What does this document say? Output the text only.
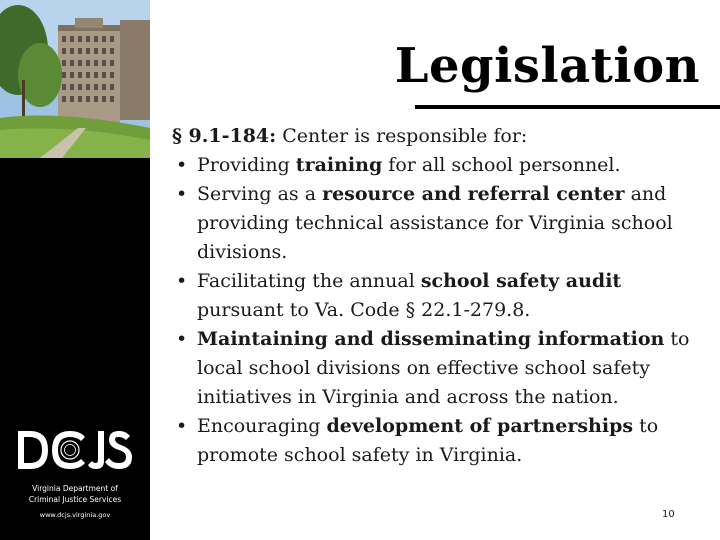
Virginia Department of
Criminal Justice Services
www.dcjs.virginia.gov
Legislation

§ 9.1-184: Center is responsible for:

• Providing training for all school personnel.
• Serving as a resource and referral center and providing technical assistance for Virginia school divisions.
• Facilitating the annual school safety audit pursuant to Va. Code § 22.1-279.8.
• Maintaining and disseminating information to local school divisions on effective school safety initiatives in Virginia and across the nation.
• Encouraging development of partnerships to promote school safety in Virginia.
10
